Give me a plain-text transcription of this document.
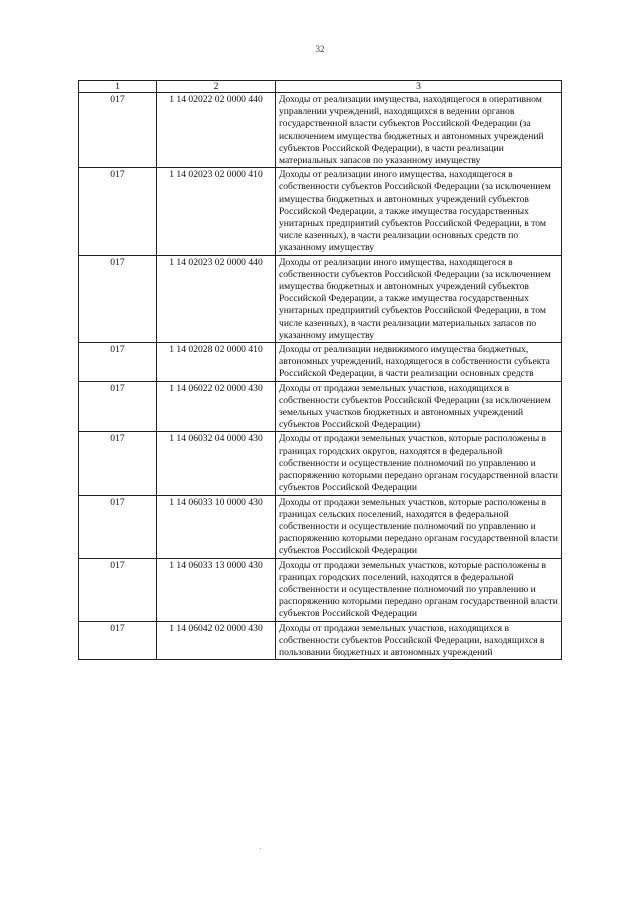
32
1	2	3
017	1 14 02022 02 0000 440	Доходы от реализации имущества, находящегося в оперативном управлении учреждений, находящихся в ведении органов государственной власти субъектов Российской Федерации (за исключением имущества бюджетных и автономных учреждений субъектов Российской Федерации), в части реализации материальных запасов по указанному имуществу
017	1 14 02023 02 0000 410	Доходы от реализации иного имущества, находящегося в собственности субъектов Российской Федерации (за исключением имущества бюджетных и автономных учреждений субъектов Российской Федерации, а также имущества государственных унитарных предприятий субъектов Российской Федерации, в том числе казенных), в части реализации основных средств по указанному имуществу
017	1 14 02023 02 0000 440	Доходы от реализации иного имущества, находящегося в собственности субъектов Российской Федерации (за исключением имущества бюджетных и автономных учреждений субъектов Российской Федерации, а также имущества государственных унитарных предприятий субъектов Российской Федерации, в том числе казенных), в части реализации материальных запасов по указанному имуществу
017	1 14 02028 02 0000 410	Доходы от реализации недвижимого имущества бюджетных, автономных учреждений, находящегося в собственности субъекта Российской Федерации, в части реализации основных средств
017	1 14 06022 02 0000 430	Доходы от продажи земельных участков, находящихся в собственности субъектов Российской Федерации (за исключением земельных участков бюджетных и автономных учреждений субъектов Российской Федерации)
017	1 14 06032 04 0000 430	Доходы от продажи земельных участков, которые расположены в границах городских округов, находятся в федеральной собственности и осуществление полномочий по управлению и распоряжению которыми передано органам государственной власти субъектов Российской Федерации
017	1 14 06033 10 0000 430	Доходы от продажи земельных участков, которые расположены в границах сельских поселений, находятся в федеральной собственности и осуществление полномочий по управлению и распоряжению которыми передано органам государственной власти субъектов Российской Федерации
017	1 14 06033 13 0000 430	Доходы от продажи земельных участков, которые расположены в границах городских поселений, находятся в федеральной собственности и осуществление полномочий по управлению и распоряжению которыми передано органам государственной власти субъектов Российской Федерации
017	1 14 06042 02 0000 430	Доходы от продажи земельных участков, находящихся в собственности субъектов Российской Федерации, находящихся в пользовании бюджетных и автономных учреждений
